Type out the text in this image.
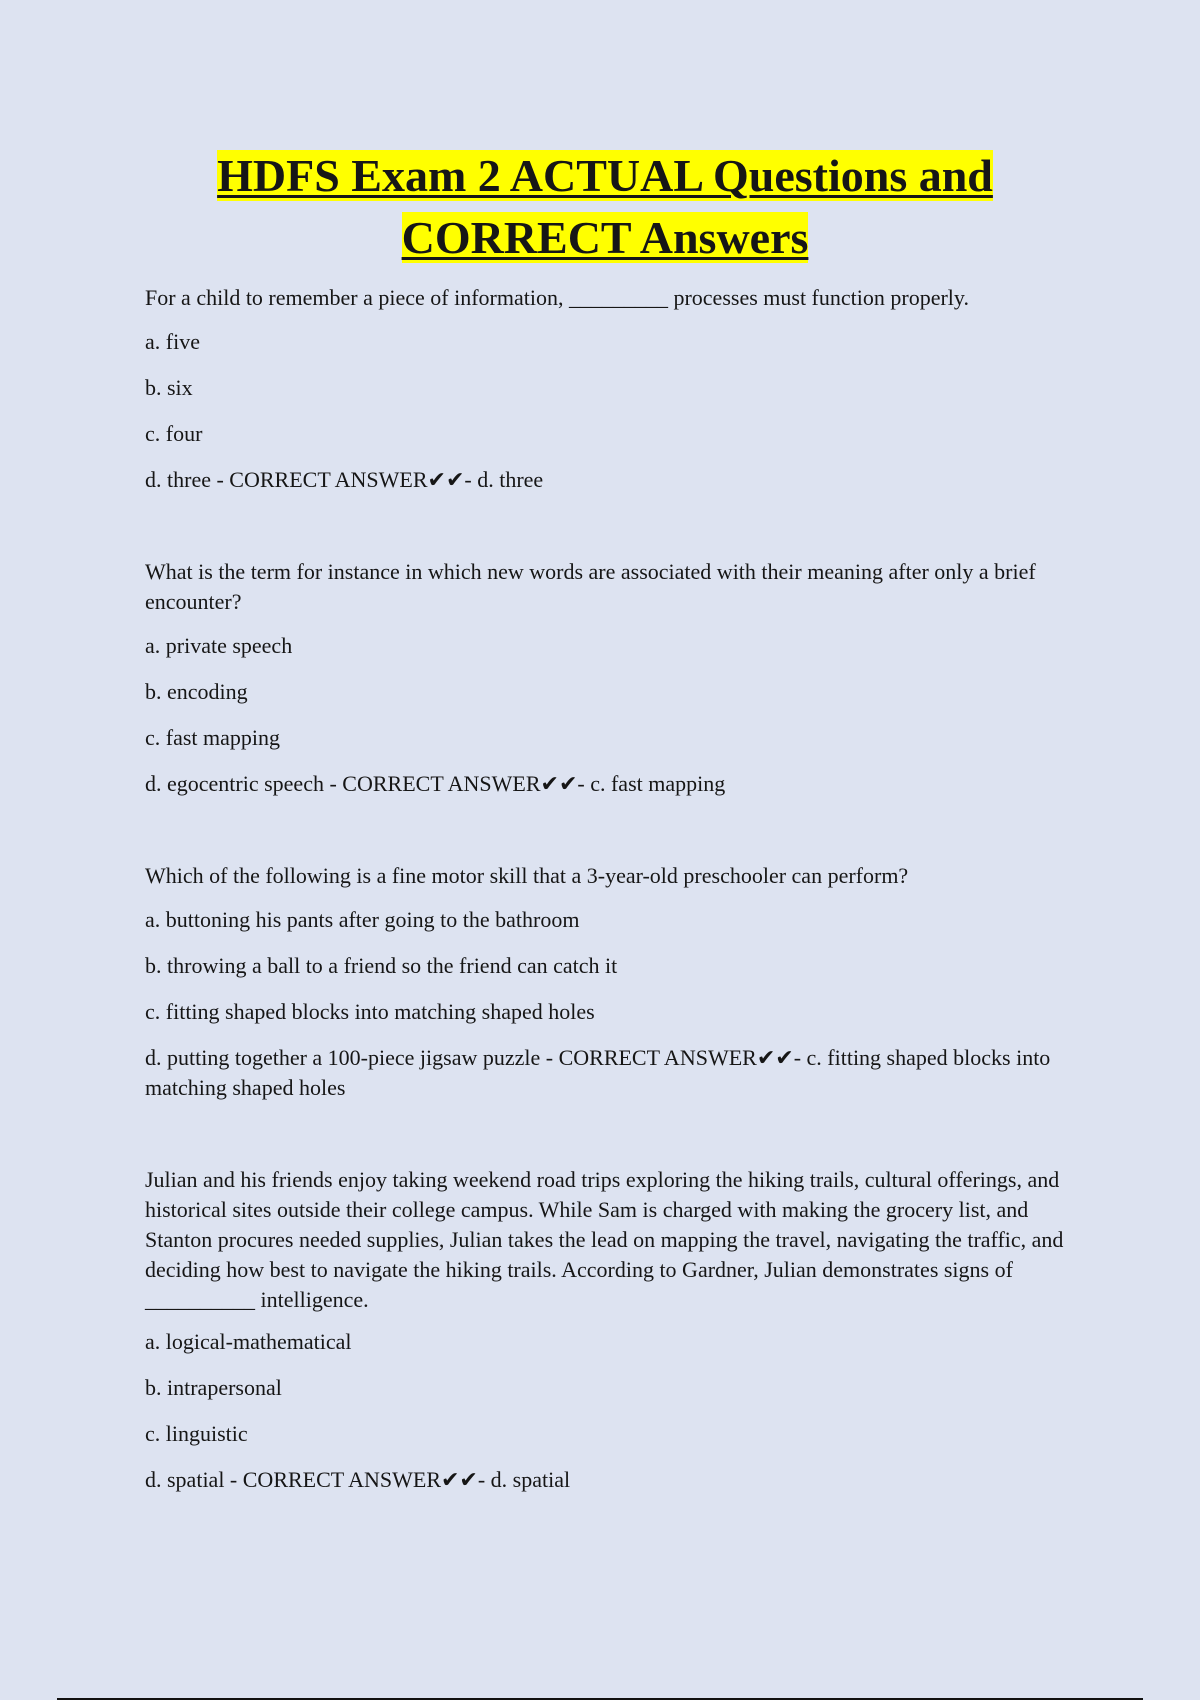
HDFS Exam 2 ACTUAL Questions and
CORRECT Answers

For a child to remember a piece of information, _________ processes must function properly.

a. five

b. six

c. four

d. three - CORRECT ANSWER✔✔- d. three

What is the term for instance in which new words are associated with their meaning after only a brief encounter?

a. private speech

b. encoding

c. fast mapping

d. egocentric speech - CORRECT ANSWER✔✔- c. fast mapping

Which of the following is a fine motor skill that a 3-year-old preschooler can perform?

a. buttoning his pants after going to the bathroom

b. throwing a ball to a friend so the friend can catch it

c. fitting shaped blocks into matching shaped holes

d. putting together a 100-piece jigsaw puzzle - CORRECT ANSWER✔✔- c. fitting shaped blocks into matching shaped holes

Julian and his friends enjoy taking weekend road trips exploring the hiking trails, cultural offerings, and historical sites outside their college campus. While Sam is charged with making the grocery list, and Stanton procures needed supplies, Julian takes the lead on mapping the travel, navigating the traffic, and deciding how best to navigate the hiking trails. According to Gardner, Julian demonstrates signs of __________ intelligence.

a. logical-mathematical

b. intrapersonal

c. linguistic

d. spatial - CORRECT ANSWER✔✔- d. spatial
